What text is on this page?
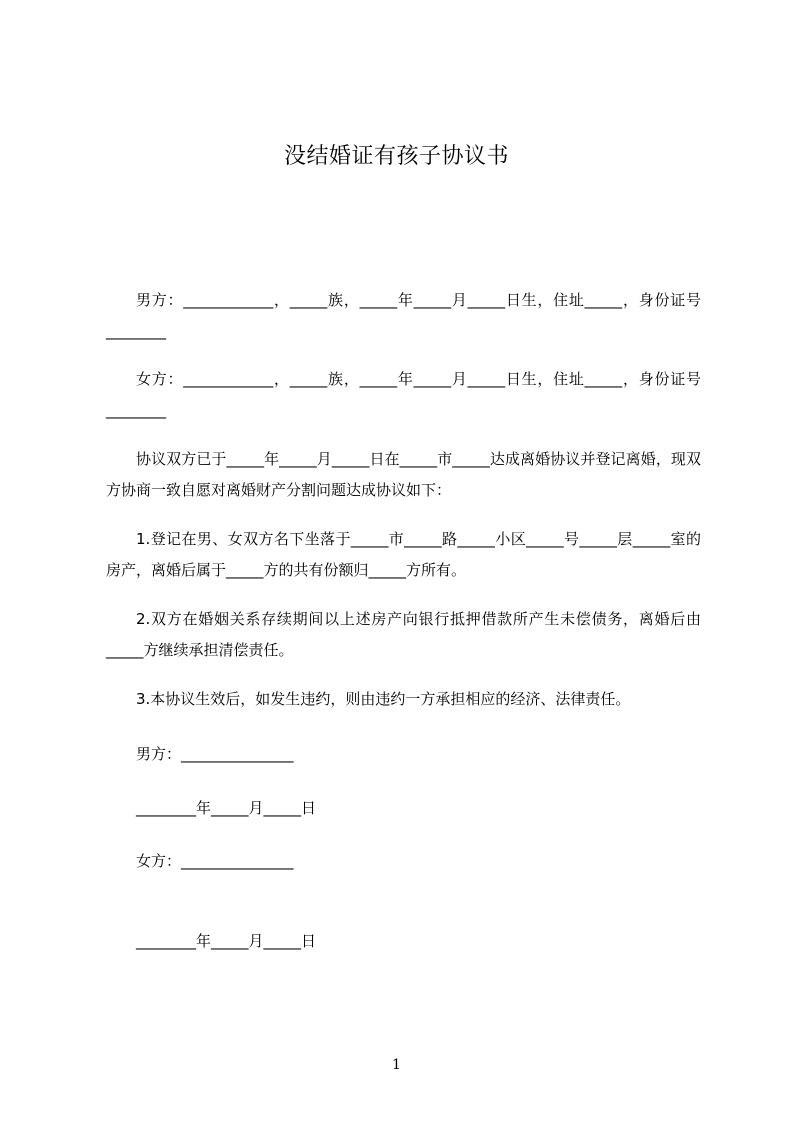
没结婚证有孩子协议书

男方：____________，_____族，_____年_____月_____日生，住址_____，身份证号________

女方：____________，_____族，_____年_____月_____日生，住址_____，身份证号________

协议双方已于_____年_____月_____日在_____市_____达成离婚协议并登记离婚，现双方协商一致自愿对离婚财产分割问题达成协议如下：

1.登记在男、女双方名下坐落于_____市_____路_____小区_____号_____层_____室的房产，离婚后属于_____方的共有份额归_____方所有。

2.双方在婚姻关系存续期间以上述房产向银行抵押借款所产生未偿债务，离婚后由_____方继续承担清偿责任。

3.本协议生效后，如发生违约，则由违约一方承担相应的经济、法律责任。

男方：_______________
________年_____月_____日
女方：_______________
________年_____月_____日
1
